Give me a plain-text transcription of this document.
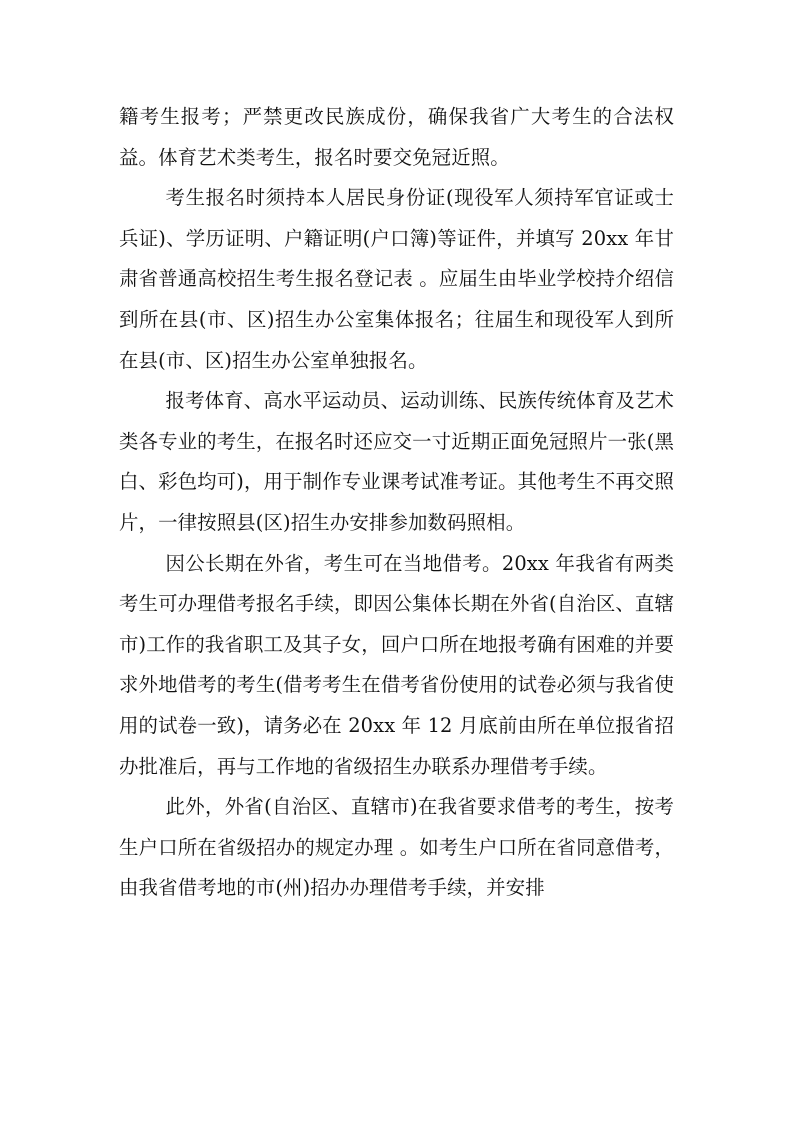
籍考生报考；严禁更改民族成份，确保我省广大考生的合法权益。体育艺术类考生，报名时要交免冠近照。

考生报名时须持本人居民身份证(现役军人须持军官证或士兵证)、学历证明、户籍证明(户口簿)等证件，并填写 20xx 年甘肃省普通高校招生考生报名登记表 。应届生由毕业学校持介绍信到所在县(市、区)招生办公室集体报名；往届生和现役军人到所在县(市、区)招生办公室单独报名。

报考体育、高水平运动员、运动训练、民族传统体育及艺术类各专业的考生，在报名时还应交一寸近期正面免冠照片一张(黑白、彩色均可)，用于制作专业课考试准考证。其他考生不再交照片，一律按照县(区)招生办安排参加数码照相。

因公长期在外省，考生可在当地借考。20xx 年我省有两类考生可办理借考报名手续，即因公集体长期在外省(自治区、直辖市)工作的我省职工及其子女，回户口所在地报考确有困难的并要求外地借考的考生(借考考生在借考省份使用的试卷必须与我省使用的试卷一致)，请务必在 20xx 年 12 月底前由所在单位报省招办批准后，再与工作地的省级招生办联系办理借考手续。

此外，外省(自治区、直辖市)在我省要求借考的考生，按考生户口所在省级招办的规定办理 。如考生户口所在省同意借考，由我省借考地的市(州)招办办理借考手续，并安排
